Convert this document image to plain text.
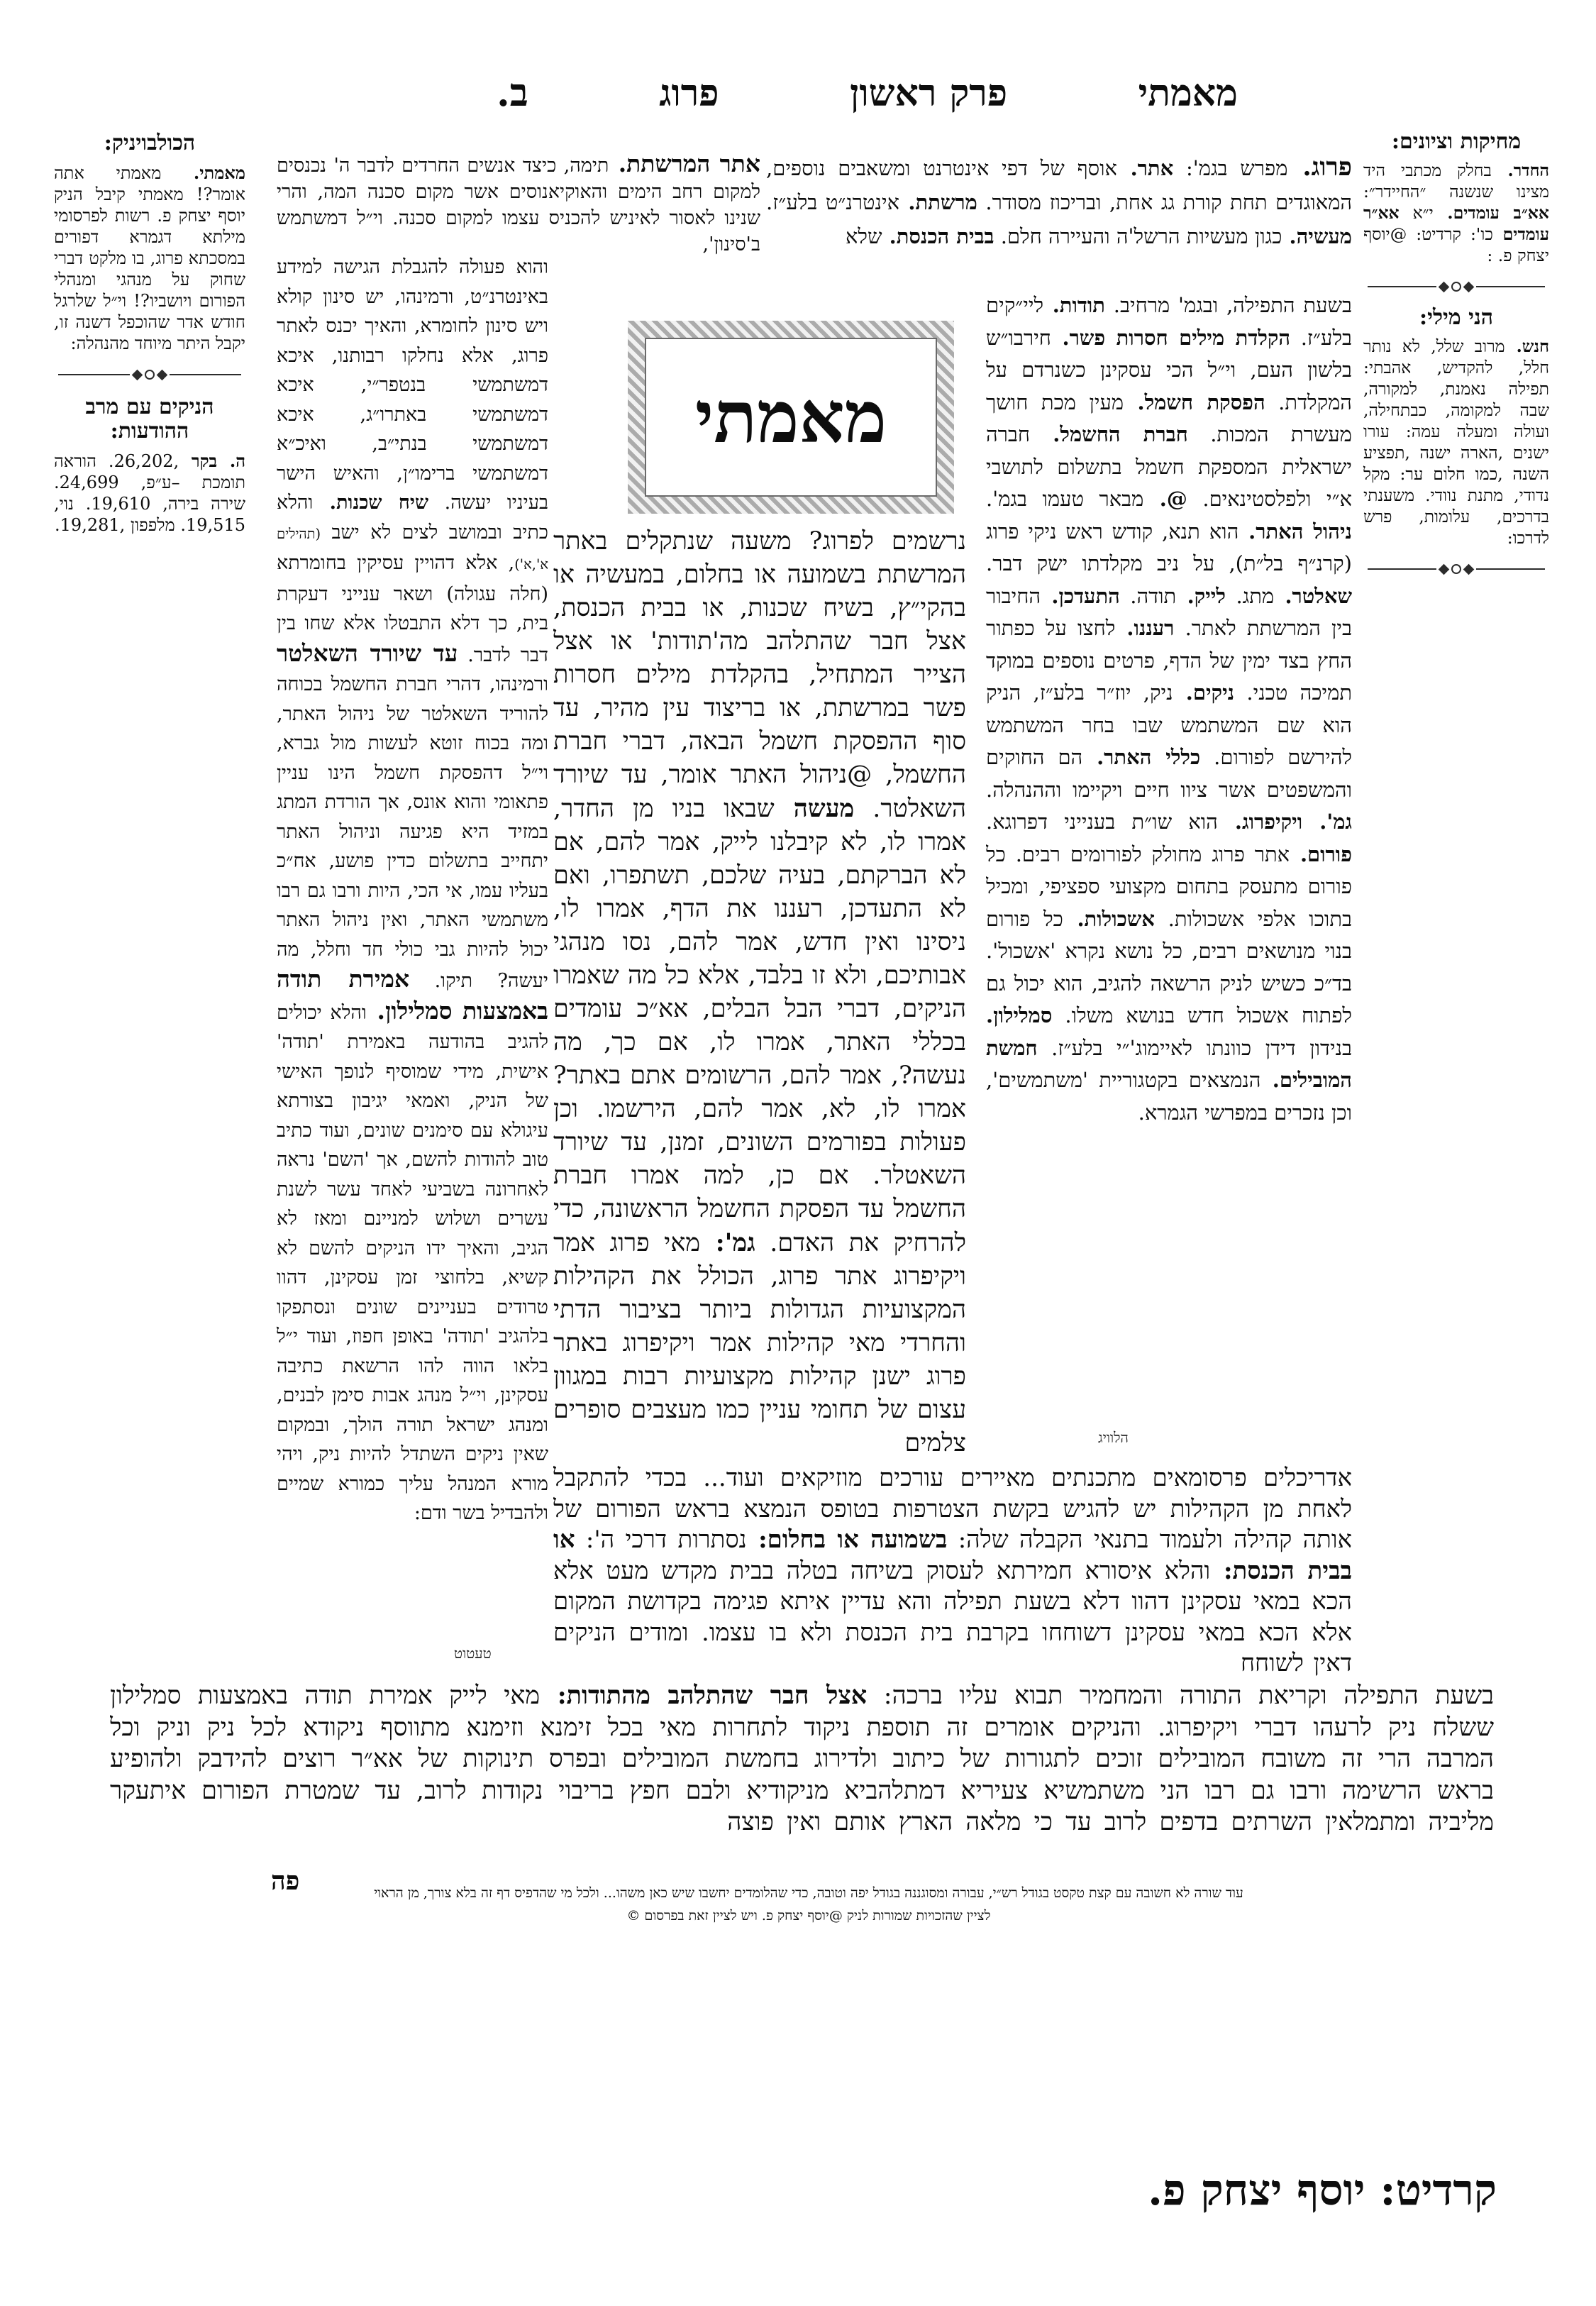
מאמתי
פרק ראשון
פרוג
ב.
מחיקות וציונים:

החדר. בחלק מכתבי היד מצינו שנשנה ״החיידר״: אא״ב עומדים. י״א אא״ר עומדים כו': קרדיט: @יוסף יצחק פ. :

הני מילי:

חנש. מרוב שלל, לא נותר חלל, להקדיש, אהבתי: תפילה נאמנת, למקורה, שבה למקומה, כבתחילה, ועולה ומעלה עמה: עורו ישנים ,הארה ישנה ,תפציע השנה ,כמו חלום ער: מקל נדודי, מתנת נוודי. משענתי בדרכים, עלומות, פרש לדרכו:

הכולבויניק:

מאמתי. מאמתי אתה אומר?! מאמתי קיבל הניק יוסף יצחק פ. רשות לפרסומי מילתא דגמרא דפורים במסכתא פרוג, בו מלקט דברי שחוק על מנהגי ומנהלי הפורום ויושביו?! וי״ל שלרגל חודש אדר שהוכפל דשנה זו, יקבל היתר מיוחד מהנהלה:

הניקים עם מרב ההודעות:

ה. בקר ,26,202. הוראה תומכת –ע״פ, 24,699. שירה בירה, 19,610. נוי, 19,515. מלפפון ,19,281.

אתר המרשתת. תימה, כיצד אנשים החרדים לדבר ה' נכנסים למקום רחב הימים והאוקיאנוסים אשר מקום סכנה המה, והרי שנינו לאסור לאיניש להכניס עצמו למקום סכנה. וי״ל דמשתמש ב'סינון',
והוא פעולה להגבלת הגישה למידע באינטרנ״ט, ורמינהו, יש סינון קולא ויש סינון לחומרא, והאיך יכנס לאתר פרוג, אלא נחלקו רבותנו, איכא דמשתמשי בנטפר״י, איכא דמשתמשי באתרו״ג, איכא דמשתמשי בנתי״ב, ואיכ״א דמשתמשי ברימו״ן, והאיש הישר בעיניו יעשה. שיח שכנות. והלא כתיב ובמושב לצים לא ישב (תהילים א',א'), אלא דהויין עסיקין בחומרתא (חלה עגולה) ושאר ענייני דעקרת בית, כך דלא התבטלו אלא שחו בין דבר לדבר. עד שיורד השאלטר ורמינהו, דהרי חברת החשמל בכוחה להוריד השאלטר של ניהול האתר, ומה בכוח זוטא לעשות מול גברא, וי״ל דהפסקת חשמל הינו עניין פתאומי והוא אונס, אך הורדת המתג במזיד היא פגיעה וניהול האתר יתחייב בתשלום כדין פושע, אח״כ בעליו עמו, אי הכי, היות ורבו גם רבו משתמשי האתר, ואין ניהול האתר יכול להיות גבי כולי חד וחלל, מה יעשה? תיקו. אמירת תודה באמצעות סמלילון. והלא יכולים להגיב בהודעה באמירת 'תודה' אישית, מידי שמוסיף לנופך האישי של הניק, ואמאי יגיבון בצורתא עיגולא עם סימנים שונים, ועוד כתיב טוב להודות להשם, אך 'השם' נראה לאחרונה בשביעי לאחד עשר לשנת עשרים ושלוש למניינם ומאז לא הגיב, והאיך ידו הניקים להשם לא קשיא, בלחוצי זמן עסקינן, דהוו טרודים בעניינים שונים ונסתפקו בלהגיב 'תודה' באופן חפוז, ועוד י״ל בלאו הווה להו הרשאת כתיבה עסקינן, וי״ל מנהג אבות סימן לבנים, ומנהג ישראל תורה הולך, ובמקום שאין ניקים השתדל להיות ניק, ויהי מורא המנהל עליך כמורא שמיים ולהבדיל בשר ודם:
טעטוט
פרוג. מפרש בגמ': אתר. אוסף של דפי אינטרנט ומשאבים נוספים, המאוגדים תחת קורת גג אחת, ובריכוז מסודר. מרשתת. אינטרנ״ט בלע״ז. מעשיה. כגון מעשיות הרשל'ה והעיירה חלם. בבית הכנסת. שלא
בשעת התפילה, ובגמ' מרחיב. תודות. ליי״קים בלע״ז. הקלדת מילים חסרות פשר. חירבו״ש בלשון העם, וי״ל הכי עסקינן כשנרדם על המקלדת. הפסקת חשמל. מעין מכת חושך מעשרת המכות. חברת החשמל. חברה ישראלית המספקת חשמל בתשלום לתושבי א״י ולפלסטינאים. @. מבאר טעמו בגמ'. ניהול האתר. הוא תנא, קודש ראש ניקי פרוג (קרנ״ף בל״ת), על ניב מקלדתו ישק דבר. שאלטר. מתג. לייק. תודה. התעדכן. החיבור בין המרשתת לאתר. רעננו. לחצו על כפתור החץ בצד ימין של הדף, פרטים נוספים במוקד תמיכה טכני. ניקים. ניק, יוז״ר בלע״ז, הניק הוא שם המשתמש שבו בחר המשתמש להירשם לפורום. כללי האתר. הם החוקים והמשפטים אשר ציוו חיים ויקיימו וההנהלה. גמ'. ויקיפרוג. הוא שו״ת בענייני דפרוגא. פורום. אתר פרוג מחולק לפורומים רבים. כל פורום מתעסק בתחום מקצועי ספציפי, ומכיל בתוכו אלפי אשכולות. אשכולות. כל פורום בנוי מנושאים רבים, כל נושא נקרא 'אשכול'. בד״כ כשיש לניק הרשאה להגיב, הוא יכול גם לפתוח אשכול חדש בנושא משלו. סמלילון. בנידון דידן כוונתו לאיימוג'״י בלע״ז. חמשת המובילים. הנמצאים בקטגוריית 'משתמשים', וכן נזכרים במפרשי הגמרא.
הלוויג
מאמתי
נרשמים לפרוג? משעה שנתקלים באתר המרשתת בשמועה או בחלום, במעשיה או בהקי״ץ, בשיח שכנות, או בבית הכנסת, אצל חבר שהתלהב מה'תודות' או אצל הצייר המתחיל, בהקלדת מילים חסרות פשר במרשתת, או בריצוד עין מהיר, עד סוף ההפסקת חשמל הבאה, דברי חברת החשמל, @ניהול האתר אומר, עד שיורד השאלטר. מעשה שבאו בניו מן החדר, אמרו לו, לא קיבלנו לייק, אמר להם, אם לא הברקתם, בעיה שלכם, תשתפרו, ואם לא התעדכן, רעננו את הדף, אמרו לו, ניסינו ואין חדש, אמר להם, נסו מנהגי אבותיכם, ולא זו בלבד, אלא כל מה שאמרו הניקים, דברי הבל הבלים, אא״כ עומדים בכללי האתר, אמרו לו, אם כך, מה נעשה?, אמר להם, הרשומים אתם באתר? אמרו לו, לא, אמר להם, הירשמו. וכן פעולות בפורמים השונים, זמנן, עד שיורד השאטלר. אם כן, למה אמרו חברת החשמל עד הפסקת החשמל הראשונה, כדי להרחיק את האדם. גמ': מאי פרוג אמר ויקיפרוג אתר פרוג, הכולל את הקהילות המקצועיות הגדולות ביותר בציבור הדתי והחרדי מאי קהילות אמר ויקיפרוג באתר פרוג ישנן קהילות מקצועיות רבות במגוון עצום של תחומי עניין כמו מעצבים סופרים צלמים
אדריכלים פרסומאים מתכנתים מאיירים עורכים מוזיקאים ועוד... בכדי להתקבל לאחת מן הקהילות יש להגיש בקשת הצטרפות בטופס הנמצא בראש הפורום של אותה קהילה ולעמוד בתנאי הקבלה שלה: בשמועה או בחלום: נסתרות דרכי ה': או בבית הכנסת: והלא איסורא חמירתא לעסוק בשיחה בטלה בבית מקדש מעט אלא הכא במאי עסקינן דהוו דלא בשעת תפילה והא עדיין איתא פגימה בקדושת המקום אלא הכא במאי עסקינן דשוחחו בקרבת בית הכנסת ולא בו עצמו. ומודים הניקים דאין לשוחח
בשעת התפילה וקריאת התורה והמחמיר תבוא עליו ברכה: אצל חבר שהתלהב מהתודות: מאי לייק אמירת תודה באמצעות סמלילון ששלח ניק לרעהו דברי ויקיפרוג. והניקים אומרים זה תוספת ניקוד לתחרות מאי בכל זימנא וזימנא מתווסף ניקודא לכל ניק וניק וכל המרבה הרי זה משובח המובילים זוכים לתגורות של כיתוב ולדירוג בחמשת המובילים ובפרס תינוקות של אא״ר רוצים להידבק ולהופיע בראש הרשימה ורבו גם רבו הני משתמשיא צעיריא דמתלהביא מניקודיא ולבם חפץ בריבוי נקודות לרוב, עד שמטרת הפורום איתעקר מליביה ומתמלאין השרתים בדפים לרוב עד כי מלאה הארץ אותם ואין פוצה
פה	עוד שורה לא חשובה עם קצת טקסט בגודל רש״י, עבורה ומסוגננה בגודל יפה וטובה, כדי שהלומדים יחשבו שיש כאן משהו... ולכל מי שהדפיס דף זה בלא צורך, מן הראוי

לציין שהזכויות שמורות לניק @יוסף יצחק פ. ויש לציין זאת בפרסום ©

קרדיט: יוסף יצחק פ.
